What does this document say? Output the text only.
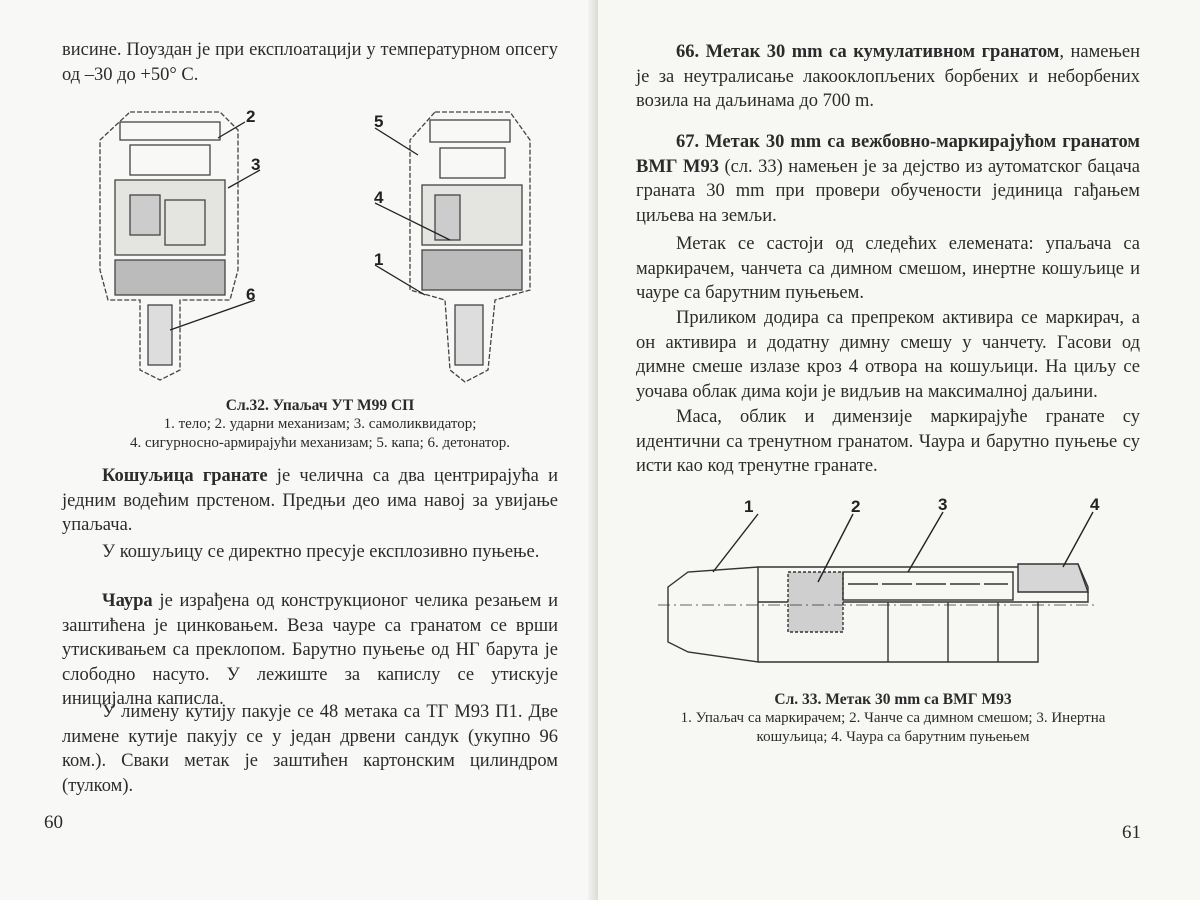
висине. Поуздан је при експлоатацији у температурном опсегу од –30 до +50° С.

2
3
5
4
1
6
Сл.32. Упаљач УТ М99 СП
1. тело; 2. ударни механизам; 3. самоликвидатор;
4. сигурносно-армирајући механизам; 5. капа; 6. детонатор.

Кошуљица гранате је челична са два центрирајућа и једним водећим прстеном. Предњи део има навој за увијање упаљача.

У кошуљицу се директно пресује експлозивно пуњење.

Чаура је израђена од конструкционог челика резањем и заштићена је цинковањем. Веза чауре са гранатом се врши утискивањем са преклопом. Барутно пуњење од НГ барута је слободно насуто. У лежиште за капислу се утискује иницијална каписла.

У лимену кутију пакује се 48 метака са ТГ М93 П1. Две лимене кутије пакују се у један дрвени сандук (укупно 96 ком.). Сваки метак је заштићен картонским цилиндром (тулком).

60

66. Метак 30 mm са кумулативном гранатом, намењен је за неутралисање лакооклопљених борбених и неборбених возила на даљинама до 700 m.

67. Метак 30 mm са вежбовно-маркирајућом гранатом ВМГ М93 (сл. 33) намењен је за дејство из аутоматског бацача граната 30 mm при провери обучености јединица гађањем циљева на земљи.

Метак се састоји од следећих елемената: упаљача са маркирачем, чанчета са димном смешом, инертне кошуљице и чауре са барутним пуњењем.

Приликом додира са препреком активира се маркирач, а он активира и додатну димну смешу у чанчету. Гасови од димне смеше излазе кроз 4 отвора на кошуљици. На циљу се уочава облак дима који је видљив на максималној даљини.

Маса, облик и димензије маркирајуће гранате су идентични са тренутном гранатом. Чаура и барутно пуњење су исти као код тренутне гранате.

1	2	3	4
Сл. 33. Метак 30 mm са ВМГ М93
1. Упаљач са маркирачем; 2. Чанче са димном смешом; 3. Инертна
кошуљица; 4. Чаура са барутним пуњењем
61
